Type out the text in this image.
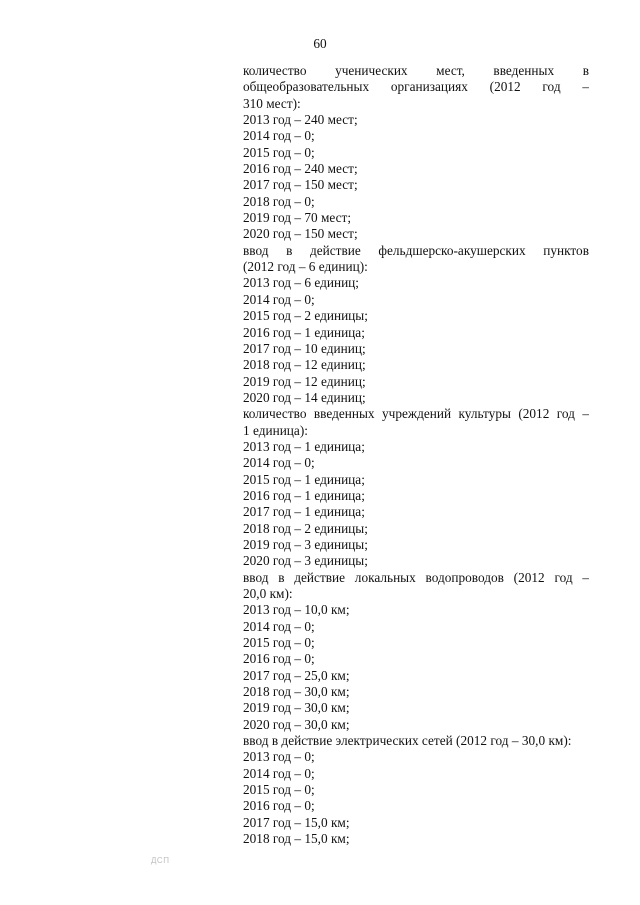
60
количество ученических мест, введенных в
общеобразовательных организациях (2012 год –
310 мест):
2013 год – 240 мест;
2014 год – 0;
2015 год – 0;
2016 год – 240 мест;
2017 год – 150 мест;
2018 год – 0;
2019 год – 70 мест;
2020 год – 150 мест;
ввод в действие фельдшерско-акушерских пунктов
(2012 год – 6 единиц):
2013 год – 6 единиц;
2014 год – 0;
2015 год – 2 единицы;
2016 год – 1 единица;
2017 год – 10 единиц;
2018 год – 12 единиц;
2019 год – 12 единиц;
2020 год – 14 единиц;
количество введенных учреждений культуры (2012 год –
1 единица):
2013 год – 1 единица;
2014 год – 0;
2015 год – 1 единица;
2016 год – 1 единица;
2017 год – 1 единица;
2018 год – 2 единицы;
2019 год – 3 единицы;
2020 год – 3 единицы;
ввод в действие локальных водопроводов (2012 год –
20,0 км):
2013 год – 10,0 км;
2014 год – 0;
2015 год – 0;
2016 год – 0;
2017 год – 25,0 км;
2018 год – 30,0 км;
2019 год – 30,0 км;
2020 год – 30,0 км;
ввод в действие электрических сетей (2012 год – 30,0 км):
2013 год – 0;
2014 год – 0;
2015 год – 0;
2016 год – 0;
2017 год – 15,0 км;
2018 год – 15,0 км;
ДСП
